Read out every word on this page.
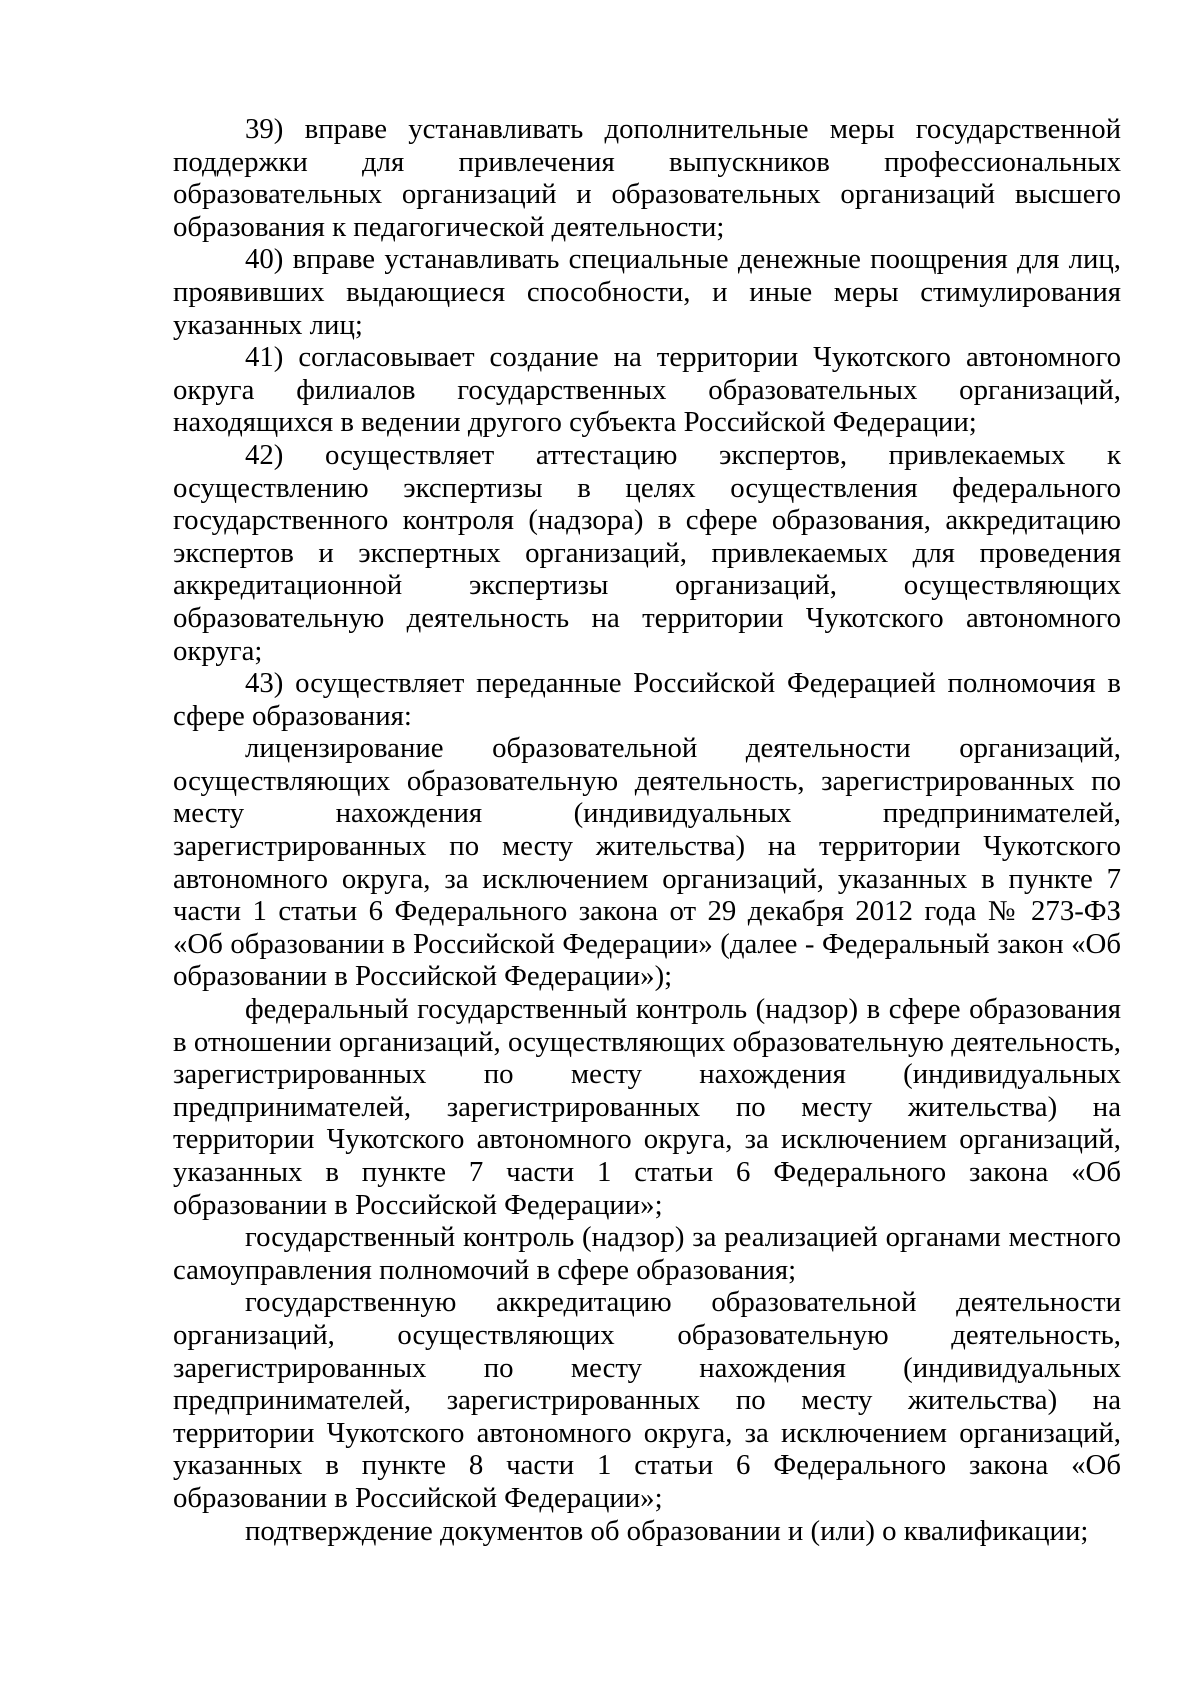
39) вправе устанавливать дополнительные меры государственной поддержки для привлечения выпускников профессиональных образовательных организаций и образовательных организаций высшего образования к педагогической деятельности;

40) вправе устанавливать специальные денежные поощрения для лиц, проявивших выдающиеся способности, и иные меры стимулирования указанных лиц;

41) согласовывает создание на территории Чукотского автономного округа филиалов государственных образовательных организаций, находящихся в ведении другого субъекта Российской Федерации;

42) осуществляет аттестацию экспертов, привлекаемых к осуществлению экспертизы в целях осуществления федерального государственного контроля (надзора) в сфере образования, аккредитацию экспертов и экспертных организаций, привлекаемых для проведения аккредитационной экспертизы организаций, осуществляющих образовательную деятельность на территории Чукотского автономного округа;

43) осуществляет переданные Российской Федерацией полномочия в сфере образования:

лицензирование образовательной деятельности организаций, осуществляющих образовательную деятельность, зарегистрированных по месту нахождения (индивидуальных предпринимателей, зарегистрированных по месту жительства) на территории Чукотского автономного округа, за исключением организаций, указанных в пункте 7 части 1 статьи 6 Федерального закона от 29 декабря 2012 года № 273-ФЗ «Об образовании в Российской Федерации» (далее - Федеральный закон «Об образовании в Российской Федерации»);

федеральный государственный контроль (надзор) в сфере образования в отношении организаций, осуществляющих образовательную деятельность, зарегистрированных по месту нахождения (индивидуальных предпринимателей, зарегистрированных по месту жительства) на территории Чукотского автономного округа, за исключением организаций, указанных в пункте 7 части 1 статьи 6 Федерального закона «Об образовании в Российской Федерации»;

государственный контроль (надзор) за реализацией органами местного самоуправления полномочий в сфере образования;

государственную аккредитацию образовательной деятельности организаций, осуществляющих образовательную деятельность, зарегистрированных по месту нахождения (индивидуальных предпринимателей, зарегистрированных по месту жительства) на территории Чукотского автономного округа, за исключением организаций, указанных в пункте 8 части 1 статьи 6 Федерального закона «Об образовании в Российской Федерации»;

подтверждение документов об образовании и (или) о квалификации;
